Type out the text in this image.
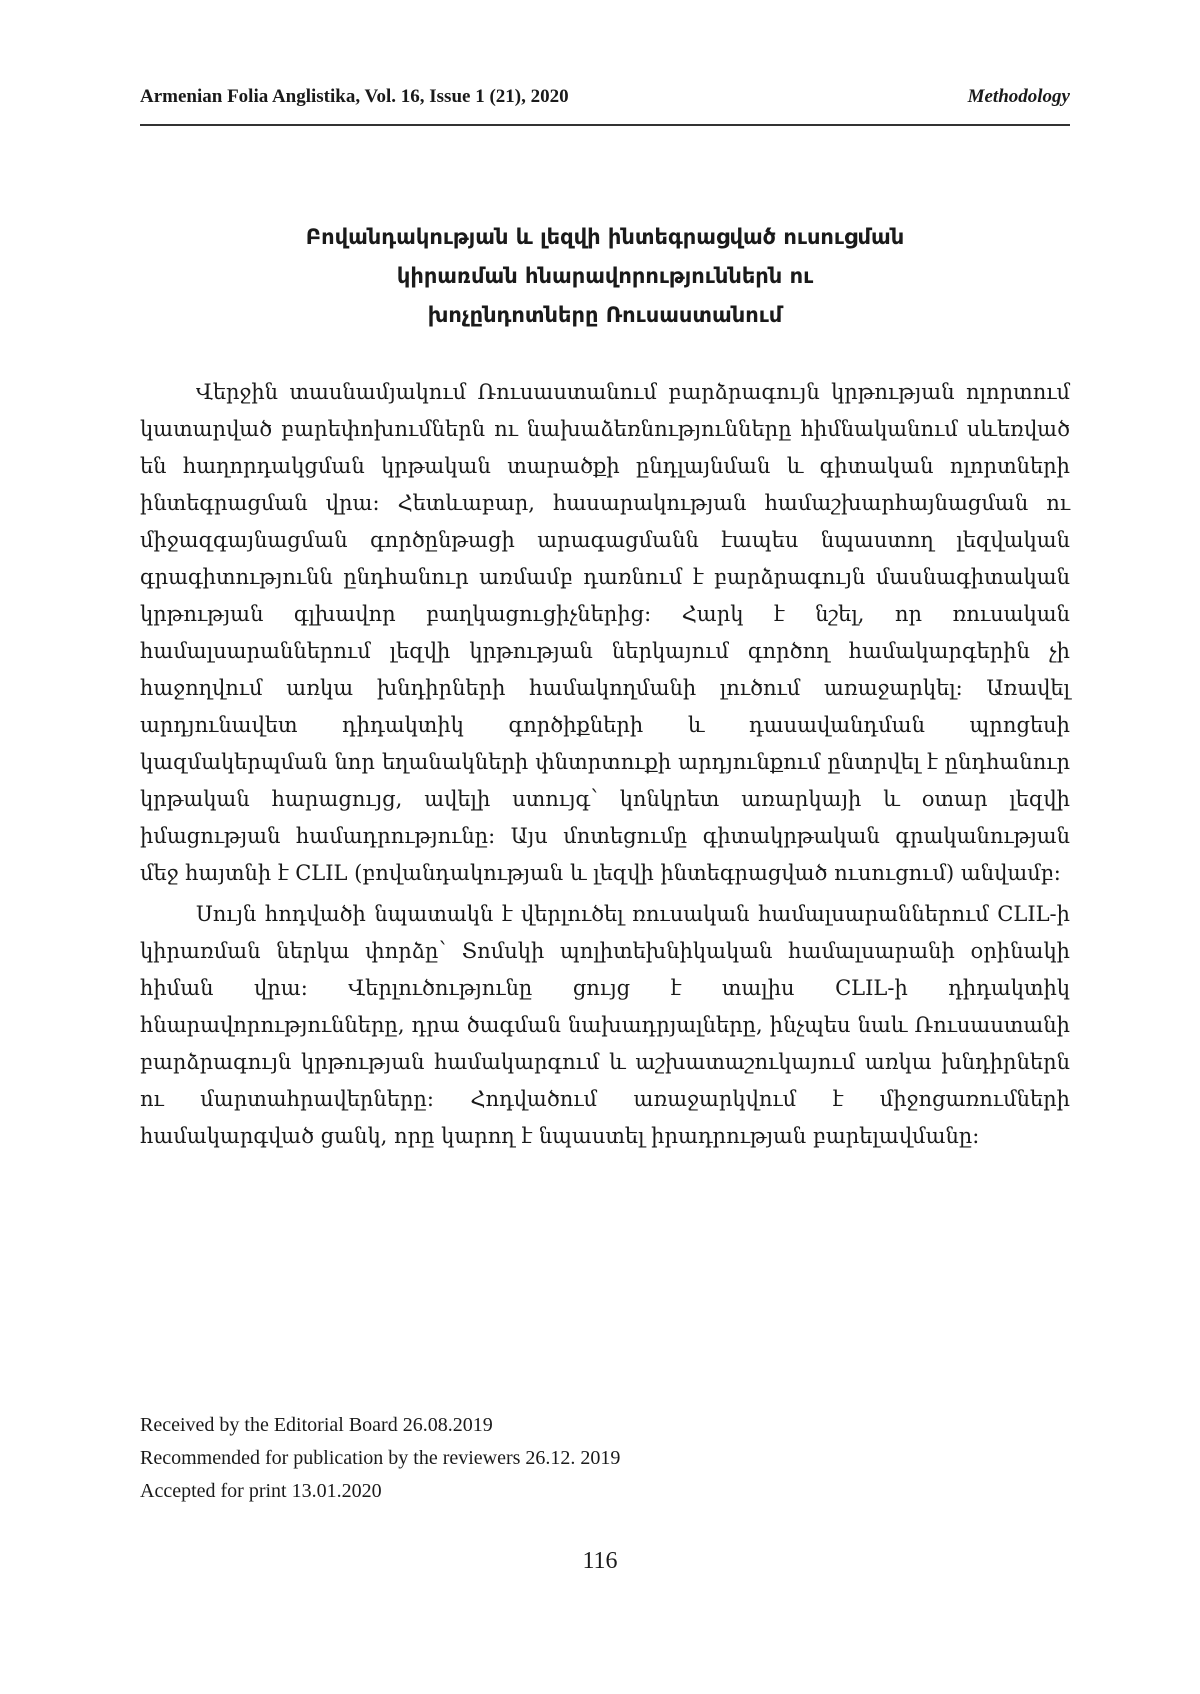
Armenian Folia Anglistika, Vol. 16, Issue 1 (21), 2020	Methodology
Բովանդակության և լեզվի ինտեգրացված ուսուցման
կիրառման հնարավորություններն ու
խոչընդոտները Ռուսաստանում

Վերջին տասնամյակում Ռուսաստանում բարձրագույն կրթության ոլորտում կատարված բարեփոխումներն ու նախաձեռնությունները հիմնականում սևեռված են հաղորդակցման կրթական տարածքի ընդլայնման և գիտական ոլորտների ինտեգրացման վրա: Հետևաբար, հասարակության համաշխարհայնացման ու միջազգայնացման գործընթացի արագացմանն էապես նպաստող լեզվական գրագիտությունն ընդհանուր առմամբ դառնում է բարձրագույն մասնագիտական կրթության գլխավոր բաղկացուցիչներից: Հարկ է նշել, որ ռուսական համալսարաններում լեզվի կրթության ներկայում գործող համակարգերին չի հաջողվում առկա խնդիրների համակողմանի լուծում առաջարկել: Առավել արդյունավետ դիդակտիկ գործիքների և դասավանդման պրոցեսի կազմակերպման նոր եղանակների փնտրտուքի արդյունքում ընտրվել է ընդհանուր կրթական հարացույց, ավելի ստույգ՝ կոնկրետ առարկայի և օտար լեզվի իմացության համադրությունը: Այս մոտեցումը գիտակրթական գրականության մեջ հայտնի է CLIL (բովանդակության և լեզվի ինտեգրացված ուսուցում) անվամբ:

Սույն հոդվածի նպատակն է վերլուծել ռուսական համալսարաններում CLIL-ի կիրառման ներկա փորձը՝ Տոմսկի պոլիտեխնիկական համալսարանի օրինակի հիման վրա: Վերլուծությունը ցույց է տալիս CLIL-ի դիդակտիկ հնարավորությունները, դրա ծագման նախադրյալները, ինչպես նաև Ռուսաստանի բարձրագույն կրթության համակարգում և աշխատաշուկայում առկա խնդիրներն ու մարտահրավերները: Հոդվածում առաջարկվում է միջոցառումների համակարգված ցանկ, որը կարող է նպաստել իրադրության բարելավմանը:

Received by the Editorial Board 26.08.2019
Recommended for publication by the reviewers 26.12. 2019
Accepted for print 13.01.2020
116
